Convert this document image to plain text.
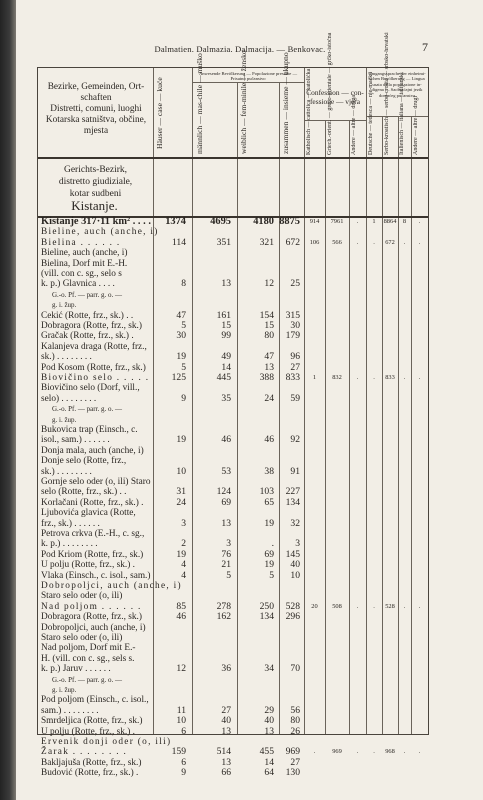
Dalmatien. Dalmazia. Dalmacija. — Benkovac.	7
Bezirke, Gemeinden, Ort-
schaften
Distretti, comuni, luoghi
Kotarska satništva, občine,
mjesta	Häuser — case — kuće
Anwesende Bevölkerung — Popolazione presente —
Prisutno pučanstvo
männlich — mas-chile — muško	weiblich — fem-minile — žensko	zusammen — insieme — ukupno	Confession — con-
fessione — vjera
Katholisch — cattolica — katolička	Griech.-orient. — greco-orientale — grčko-istočna	Andere — altre — druga
Umgangssprache der einheimi-
schen Bevölkerung — Lingua
usata dalla popolazione in-
digena — Saobraćajni jezik
domaćeg pučanstva
Deutsche — tedesca — nje-mačka	Serbo-kroatisch — serbo-croata — srbsko-hrvatski	Italienisch — italiana — talijanski	Andere — altre — drugi
Gerichts-Bezirk,
distretto giudiziale,
kotar sudbeni
Kistanje.
Kistanje 317·11 km² . . . .	1374	4695	4180 8875	914	7961	.	1	8864	8	.
Bieline, auch (anche, i)
Bielina . . . . . .	114	351	321	672	106	566	.	.	672	.	.
Bieline, auch (anche, i)
Bielina, Dorf mit E.-H.
(vill. con c. sg., selo s
k. p.) Glavnica . . . .	8	13	12	25
G.-o. Pf. — parr. g. o. —
g. i. žup.
Cekić (Rotte, frz., sk.) . .	47	161	154	315
Dobragora (Rotte, frz., sk.)	5	15	15	30
Gračak (Rotte, frz., sk.) .	30	99	80	179
Kalanjeva draga (Rotte, frz.,
sk.) . . . . . . . .	19	49	47	96
Pod Kosom (Rotte, frz., sk.)	5	14	13	27
Biovičino selo . . . . .	125	445	388	833	1	832	.	.	833	.	.
Biovičino selo (Dorf, vill.,
selo) . . . . . . . .	9	35	24	59
G.-o. Pf. — parr. g. o. —
g. i. žup.
Bukovica trap (Einsch., c.
isol., sam.) . . . . . .	19	46	46	92
Donja mala, auch (anche, i)
Donje selo (Rotte, frz.,
sk.) . . . . . . . .	10	53	38	91
Gornje selo oder (o, ili) Staro
selo (Rotte, frz., sk.) . .	31	124	103	227
Korlačani (Rotte, frz., sk.) .	24	69	65	134
Ljubovića glavica (Rotte,
frz., sk.) . . . . . .	3	13	19	32
Petrova crkva (E.-H., c. sg.,
k. p.) . . . . . . . .	2	3	.	3
Pod Kriom (Rotte, frz., sk.)	19	76	69	145
U polju (Rotte, frz., sk.) .	4	21	19	40
Vlaka (Einsch., c. isol., sam.)	4	5	5	10
Dobropoljci, auch (anche, i)
Staro selo oder (o, ili)
Nad poljom . . . . . .	85	278	250	528	20	508	.	.	528	.	.
Dobragora (Rotte, frz., sk.)	46	162	134	296
Dobropoljci, auch (anche, i)
Staro selo oder (o, ili)
Nad poljom, Dorf mit E.-
H. (vill. con c. sg., sels s.
k. p.) Jaruv . . . . . .	12	36	34	70
G.-o. Pf. — parr. g. o. —
g. i. žup.
Pod poljom (Einsch., c. isol.,
sam.) . . . . . . . .	11	27	29	56
Smrdeljica (Rotte, frz., sk.)	10	40	40	80
U polju (Rotte, frz., sk.) .	6	13	13	26
Ervenik donji oder (o, ili)
Žarak . . . . . . . .	159	514	455	969	.	969	.	.	968	.	.
Bakljajuša (Rotte, frz., sk.)	6	13	14	27
Budović (Rotte, frz., sk.) .	9	66	64	130
